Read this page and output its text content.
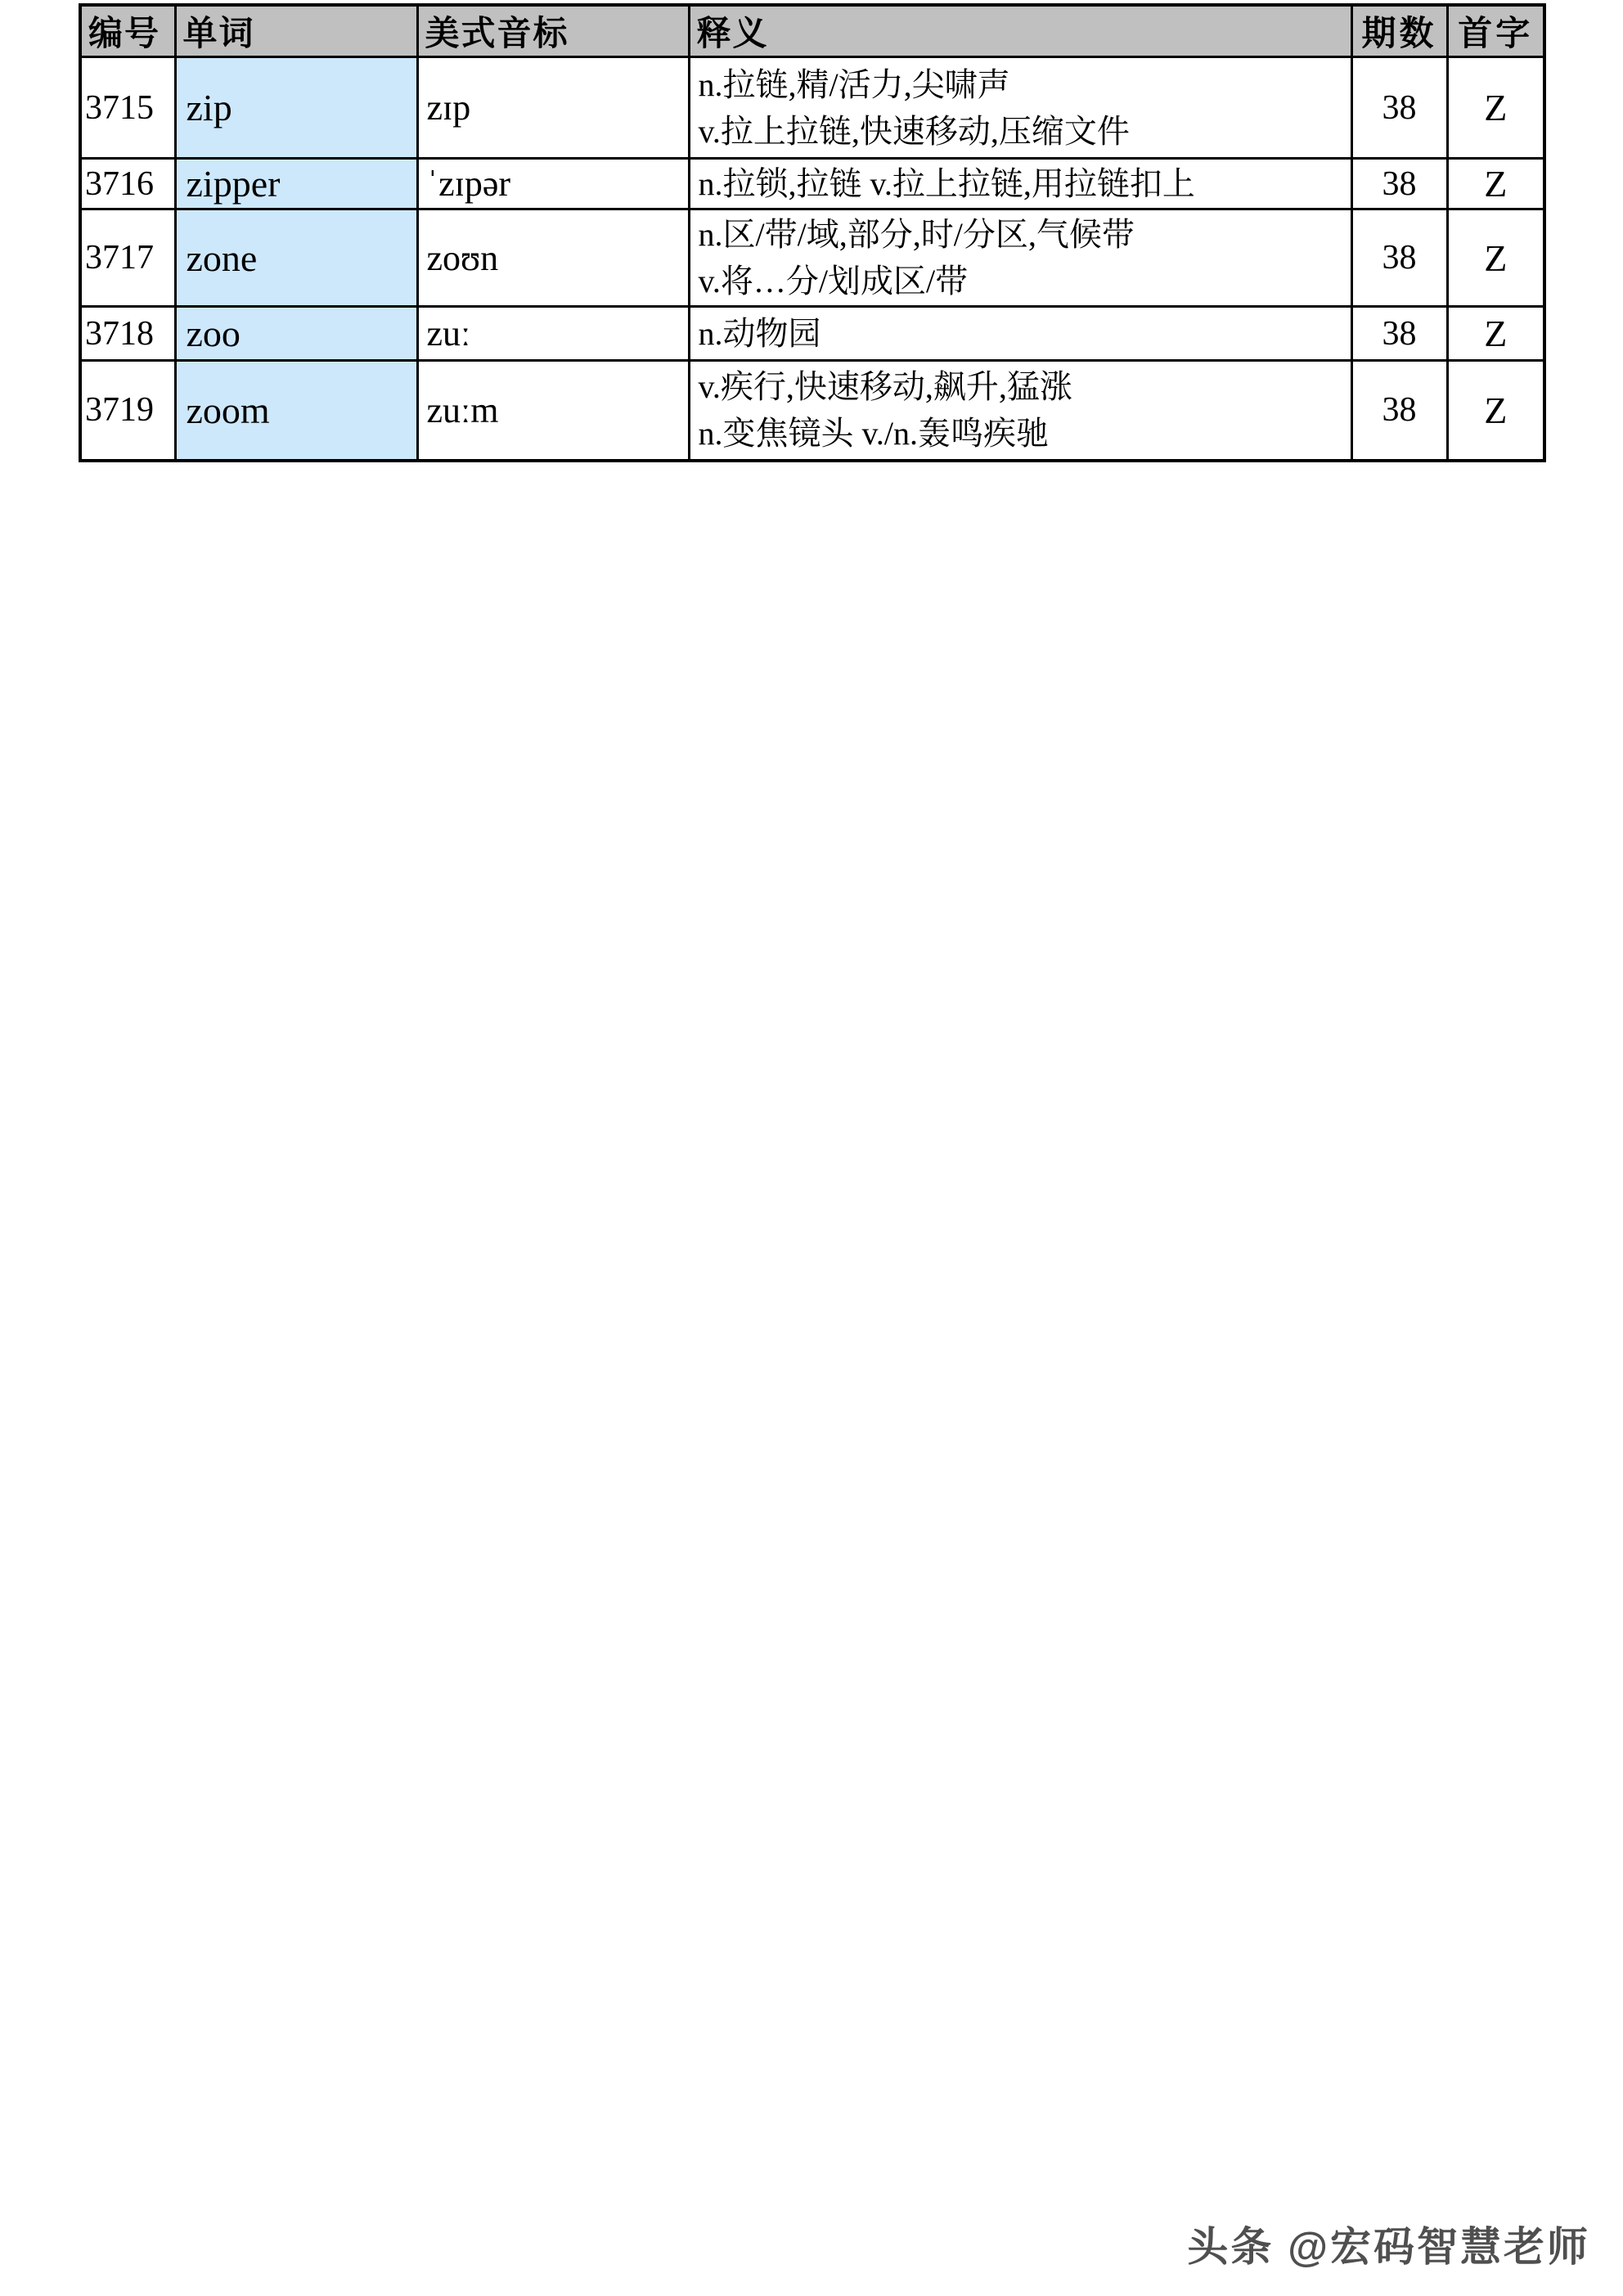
编号	单词	美式音标	释义	期数	首字
3715	zip	zɪp	n.拉链,精/活力,尖啸声
v.拉上拉链,快速移动,压缩文件	38	Z
3716	zipper	ˈzɪpər	n.拉锁,拉链 v.拉上拉链,用拉链扣上	38	Z
3717	zone	zoʊn	n.区/带/域,部分,时/分区,气候带
v.将…分/划成区/带	38	Z
3718	zoo	zuː	n.动物园	38	Z
3719	zoom	zuːm	v.疾行,快速移动,飙升,猛涨
n.变焦镜头 v./n.轰鸣疾驰	38	Z
头条 @宏码智慧老师
